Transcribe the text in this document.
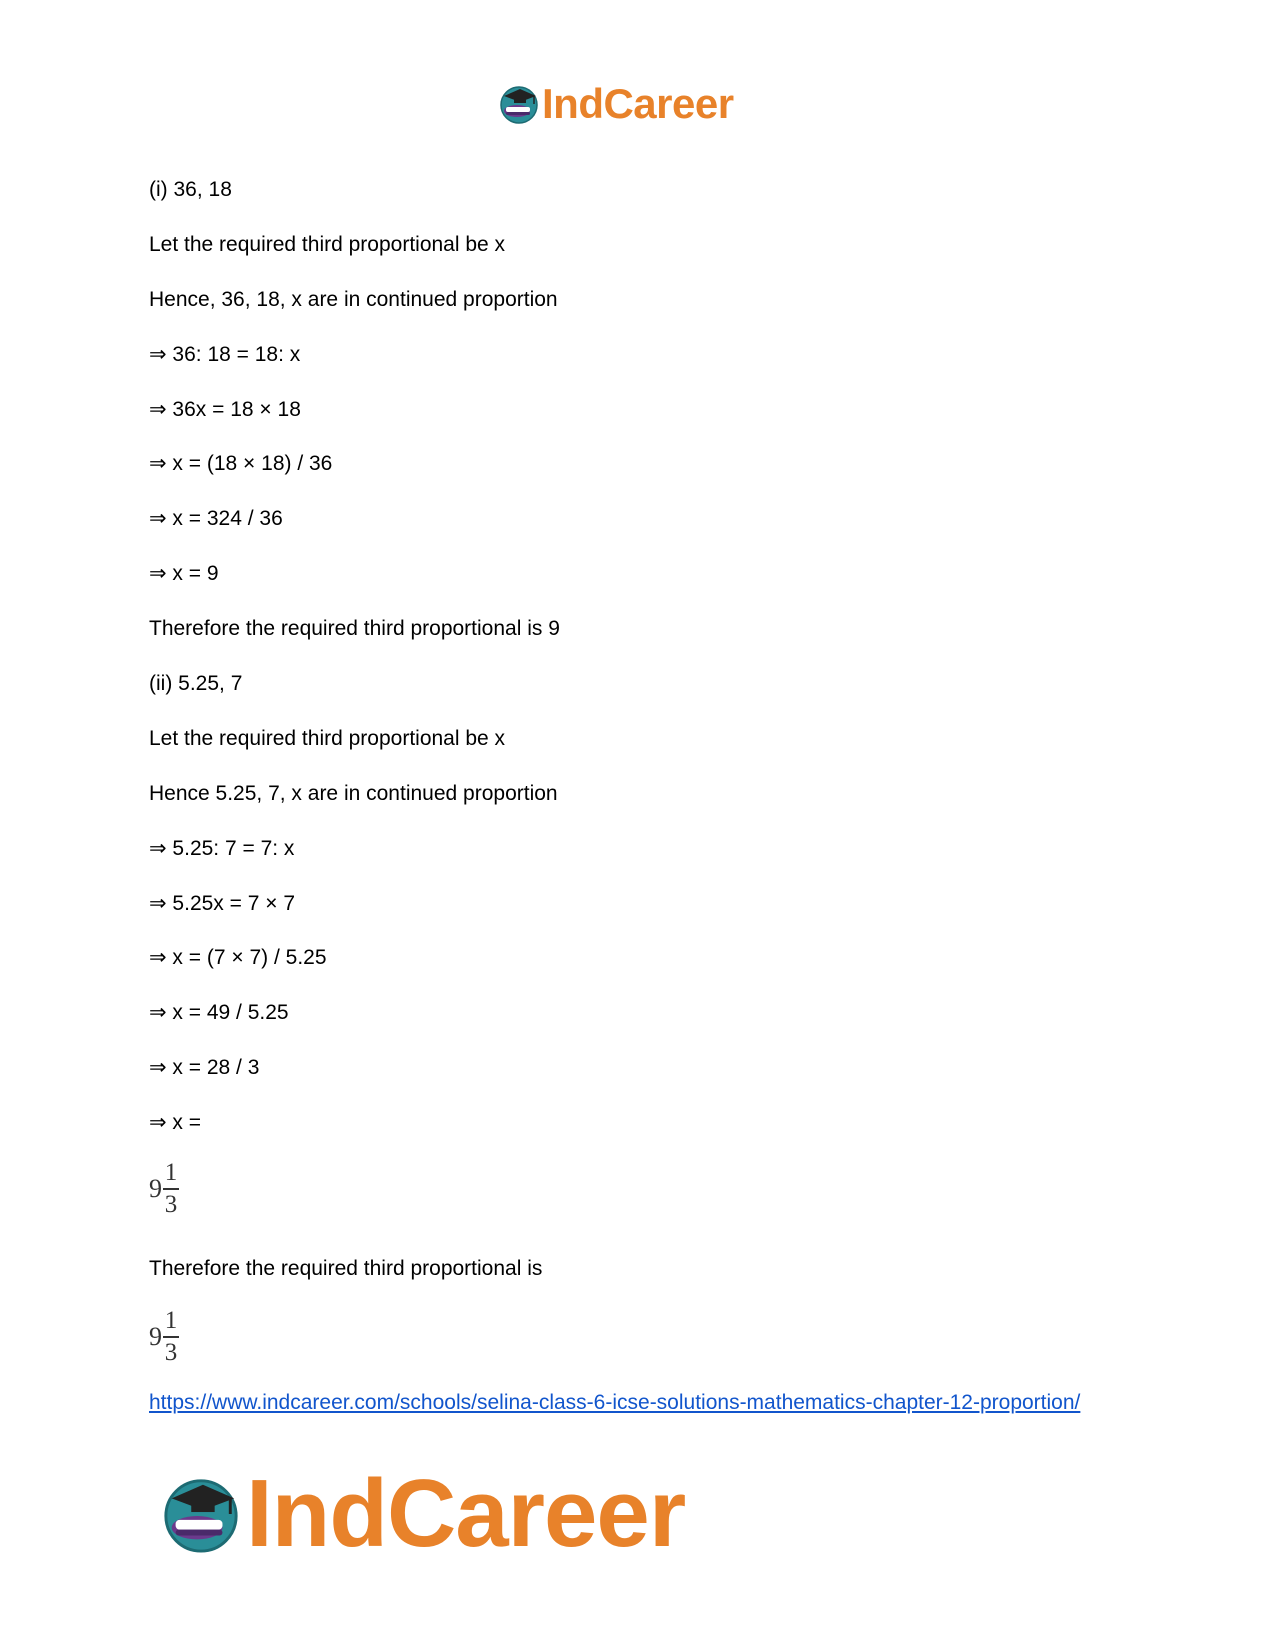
IndCareer
(i) 36, 18
Let the required third proportional be x
Hence, 36, 18, x are in continued proportion
⇒ 36: 18 = 18: x
⇒ 36x = 18 × 18
⇒ x = (18 × 18) / 36
⇒ x = 324 / 36
⇒ x = 9
Therefore the required third proportional is 9
(ii) 5.25, 7
Let the required third proportional be x
Hence 5.25, 7, x are in continued proportion
⇒ 5.25: 7 = 7: x
⇒ 5.25x = 7 × 7
⇒ x = (7 × 7) / 5.25
⇒ x = 49 / 5.25
⇒ x = 28 / 3
⇒ x =
9
1
3
Therefore the required third proportional is
9
1
3
https://www.indcareer.com/schools/selina-class-6-icse-solutions-mathematics-chapter-12-proportion/
IndCareer
